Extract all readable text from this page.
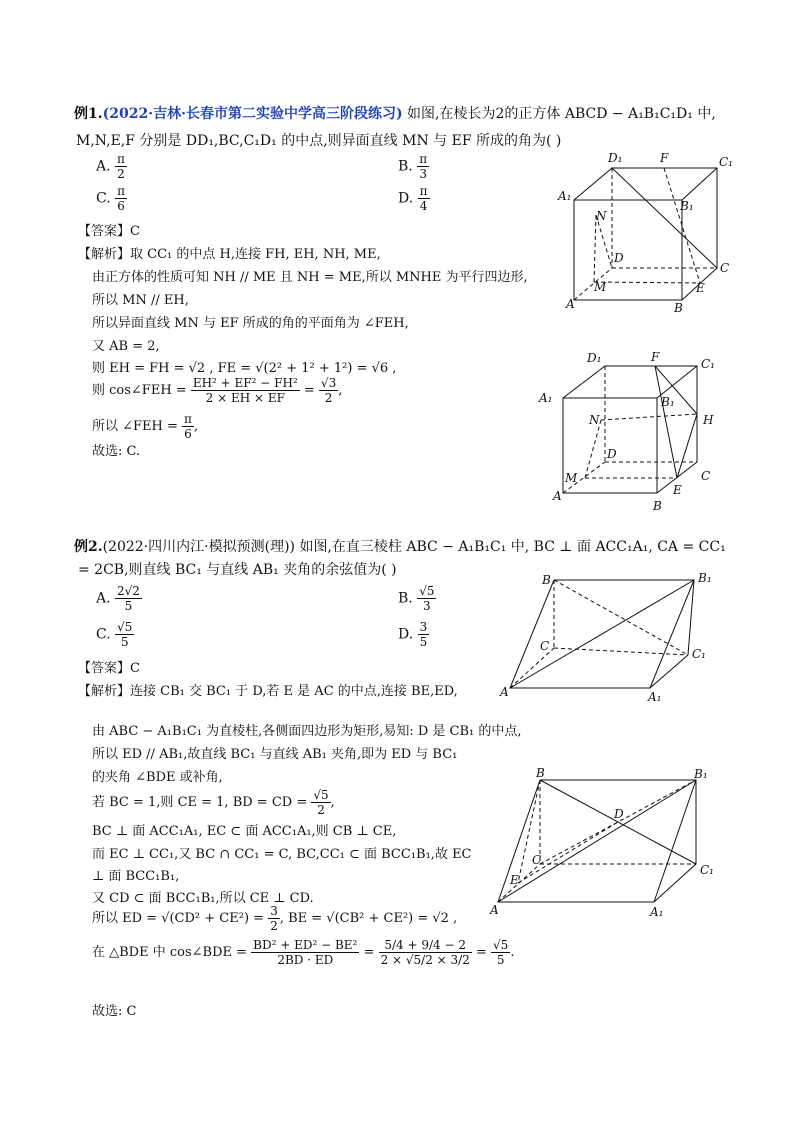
例1.(2022·吉林·长春市第二实验中学高三阶段练习) 如图,在棱长为2的正方体 ABCD − A₁B₁C₁D₁ 中,
M,N,E,F 分别是 DD₁,BC,C₁D₁ 的中点,则异面直线 MN 与 EF 所成的角为( )
A. $\frac{\pi}{2}$	B. $\frac{\pi}{3}$
C. $\frac{\pi}{6}$	D. $\frac{\pi}{4}$
【答案】C
【解析】取 CC₁ 的中点 H,连接 FH, EH, NH, ME,
由正方体的性质可知 NH // ME 且 NH = ME,所以 MNHE 为平行四边形,
所以 MN // EH,
所以异面直线 MN 与 EF 所成的角的平面角为 ∠FEH,
又 AB = 2,
则 EH = FH = √2 , FE = √(2² + 1² + 1²) = √6 ,
则 cos∠FEH = $\frac{\text{EH² + EF² − FH²}}{2 \times EH \times EF} = \frac{√3}{2}$ ,
所以 ∠FEH = $\frac{\pi}{6}$ ,
故选: C.
D₁	F	C₁
A₁
B₁
N
D
C
M	E
A	B
D₁	F	C₁
A₁	B₁
N	H
D
C
M
E
A
B
例2.(2022·四川内江·模拟预测(理)) 如图,在直三棱柱 ABC − A₁B₁C₁ 中, BC ⊥ 面 ACC₁A₁, CA = CC₁
= 2CB,则直线 BC₁ 与直线 AB₁ 夹角的余弦值为( )
A. $\frac{2√2}{5}$	B. $\frac{√5}{3}$
C. $\frac{√5}{5}$	D. $\frac{3}{5}$
【答案】C
【解析】连接 CB₁ 交 BC₁ 于 D,若 E 是 AC 的中点,连接 BE,ED,
由 ABC − A₁B₁C₁ 为直棱柱,各侧面四边形为矩形,易知: D 是 CB₁ 的中点,
所以 ED // AB₁,故直线 BC₁ 与直线 AB₁ 夹角,即为 ED 与 BC₁
的夹角 ∠BDE 或补角,
若 BC = 1,则 CE = 1, BD = CD = $\frac{√5}{2}$ ,
BC ⊥ 面 ACC₁A₁, EC ⊂ 面 ACC₁A₁,则 CB ⊥ CE,
而 EC ⊥ CC₁,又 BC ∩ CC₁ = C, BC,CC₁ ⊂ 面 BCC₁B₁,故 EC
⊥ 面 BCC₁B₁,
又 CD ⊂ 面 BCC₁B₁,所以 CE ⊥ CD.
所以 ED = $√(CD^2 + CE^2) = \frac{3}{2}$ , BE = √(CB² + CE²) = √2 ,
在 △BDE 中 cos∠BDE = $\frac{\text{BD² + ED² − BE²}}{2BD \cdot ED} = \frac{5/4 + 9/4 - 2}{2 \times √5/2 \times 3/2} = \frac{√5}{5}$ .
故选: C
B	B₁
C
C₁
A	A₁
B	B₁
D
C
C₁
E
A	A₁
